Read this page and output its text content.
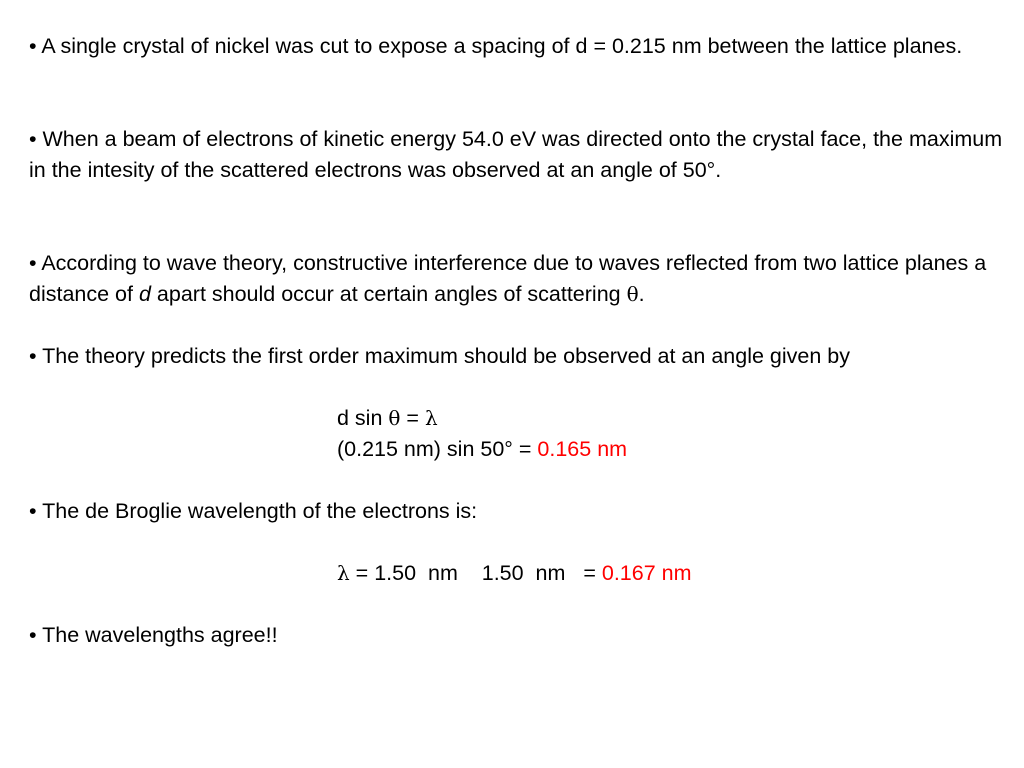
• A single crystal of nickel was cut to expose a spacing of d = 0.215 nm between the lattice planes.

• When a beam of electrons of kinetic energy 54.0 eV was directed onto the crystal face, the maximum in the intesity of the scattered electrons was observed at an angle of 50°.

• According to wave theory, constructive interference due to waves reflected from two lattice planes a distance of d apart should occur at certain angles of scattering θ.

• The theory predicts the first order maximum should be observed at an angle given by

d sin θ = λ

(0.215 nm) sin 50° = 0.165 nm

• The de Broglie wavelength of the electrons is:

λ = 1.50  nm    1.50  nm   = 0.167 nm

• The wavelengths agree!!
